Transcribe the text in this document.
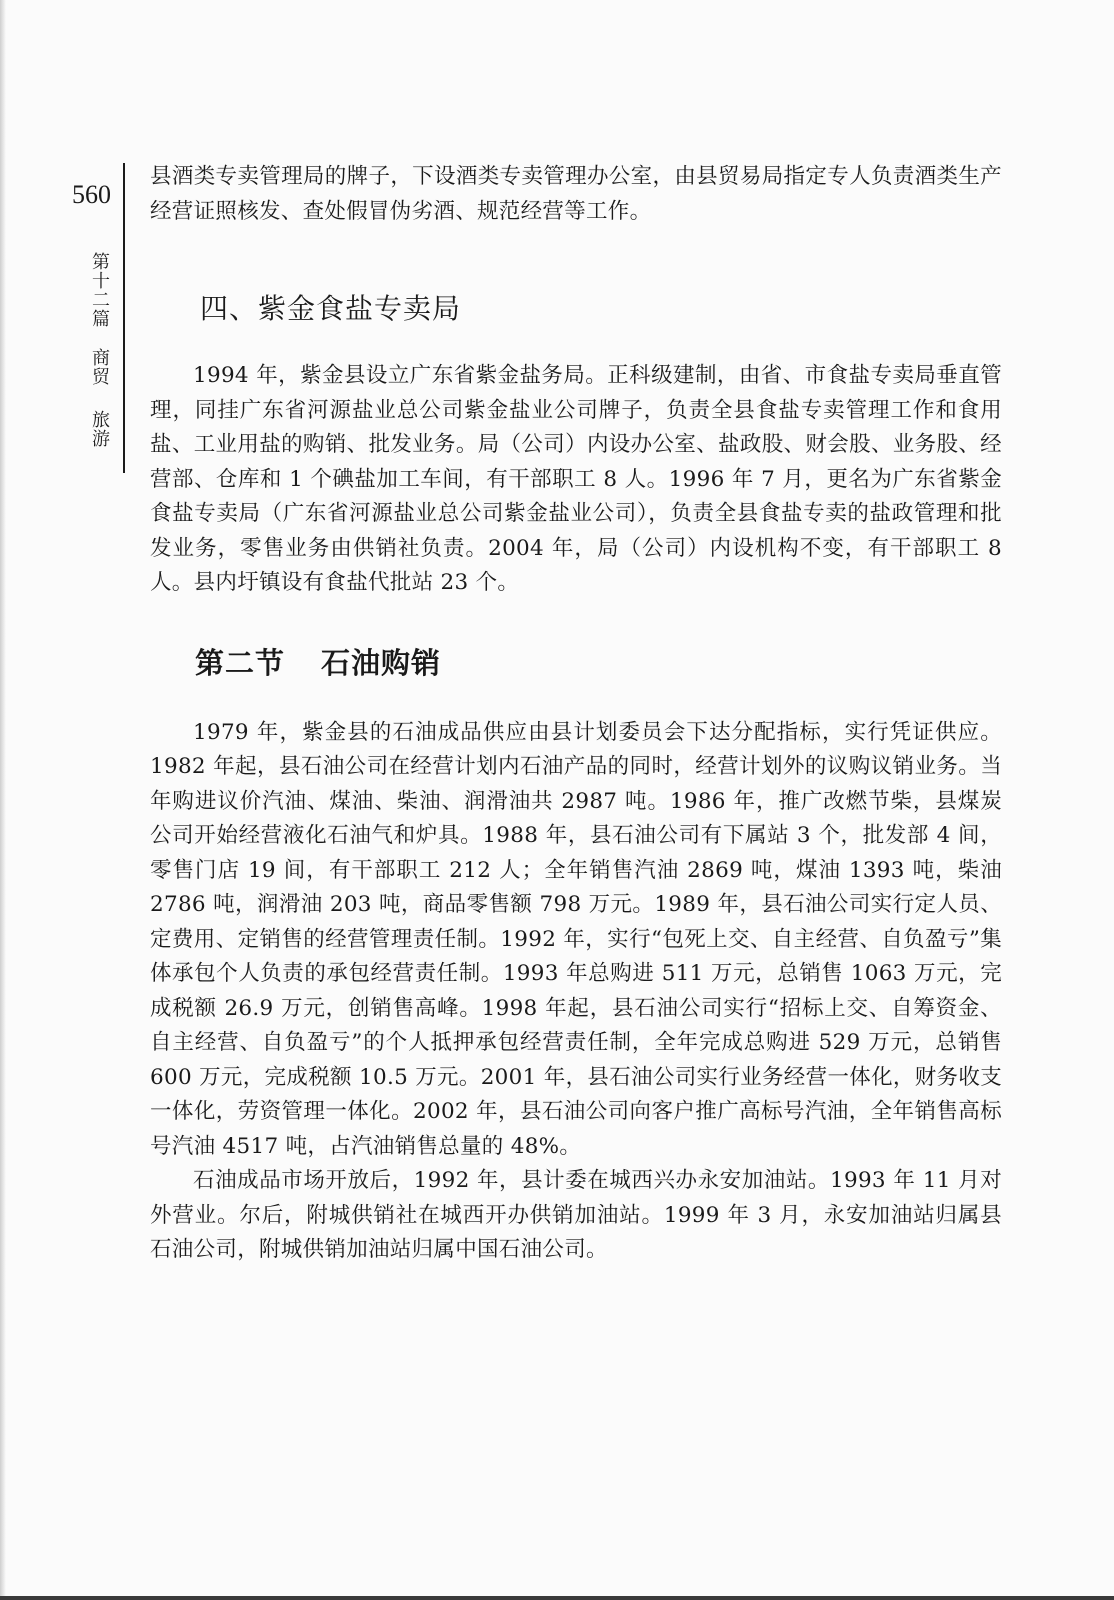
560
第十二篇
商贸
旅游

县酒类专卖管理局的牌子，下设酒类专卖管理办公室，由县贸易局指定专人负责酒类生产经营证照核发、查处假冒伪劣酒、规范经营等工作。

四、紫金食盐专卖局

1994 年，紫金县设立广东省紫金盐务局。正科级建制，由省、市食盐专卖局垂直管理，同挂广东省河源盐业总公司紫金盐业公司牌子，负责全县食盐专卖管理工作和食用盐、工业用盐的购销、批发业务。局（公司）内设办公室、盐政股、财会股、业务股、经营部、仓库和 1 个碘盐加工车间，有干部职工 8 人。1996 年 7 月，更名为广东省紫金食盐专卖局（广东省河源盐业总公司紫金盐业公司），负责全县食盐专卖的盐政管理和批发业务，零售业务由供销社负责。2004 年，局（公司）内设机构不变，有干部职工 8 人。县内圩镇设有食盐代批站 23 个。

第二节 石油购销

1979 年，紫金县的石油成品供应由县计划委员会下达分配指标，实行凭证供应。1982 年起，县石油公司在经营计划内石油产品的同时，经营计划外的议购议销业务。当年购进议价汽油、煤油、柴油、润滑油共 2987 吨。1986 年，推广改燃节柴，县煤炭公司开始经营液化石油气和炉具。1988 年，县石油公司有下属站 3 个，批发部 4 间，零售门店 19 间，有干部职工 212 人；全年销售汽油 2869 吨，煤油 1393 吨，柴油 2786 吨，润滑油 203 吨，商品零售额 798 万元。1989 年，县石油公司实行定人员、定费用、定销售的经营管理责任制。1992 年，实行“包死上交、自主经营、自负盈亏”集体承包个人负责的承包经营责任制。1993 年总购进 511 万元，总销售 1063 万元，完成税额 26.9 万元，创销售高峰。1998 年起，县石油公司实行“招标上交、自筹资金、自主经营、自负盈亏”的个人抵押承包经营责任制，全年完成总购进 529 万元，总销售 600 万元，完成税额 10.5 万元。2001 年，县石油公司实行业务经营一体化，财务收支一体化，劳资管理一体化。2002 年，县石油公司向客户推广高标号汽油，全年销售高标号汽油 4517 吨，占汽油销售总量的 48%。

石油成品市场开放后，1992 年，县计委在城西兴办永安加油站。1993 年 11 月对外营业。尔后，附城供销社在城西开办供销加油站。1999 年 3 月，永安加油站归属县石油公司，附城供销加油站归属中国石油公司。
